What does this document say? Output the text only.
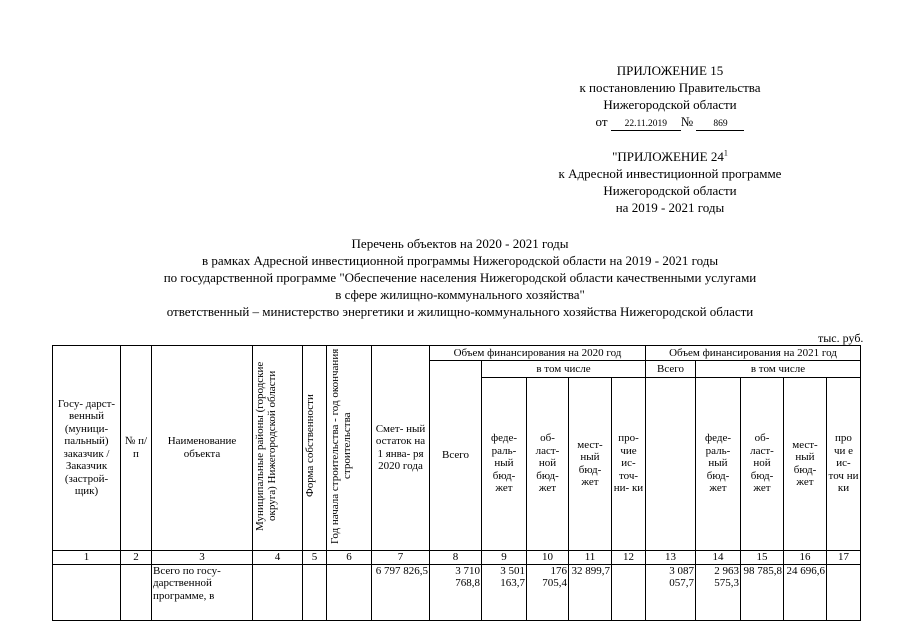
ПРИЛОЖЕНИЕ 15
к постановлению Правительства
Нижегородской области
от 22.11.2019 № 869
"ПРИЛОЖЕНИЕ $24^1$
к Адресной инвестиционной программе
Нижегородской области
на 2019 - 2021 годы
Перечень объектов на 2020 - 2021 годы
в рамках Адресной инвестиционной программы Нижегородской области на 2019 - 2021 годы
по государственной программе "Обеспечение населения Нижегородской области качественными услугами
в сфере жилищно-коммунального хозяйства"
ответственный – министерство энергетики и жилищно-коммунального хозяйства Нижегородской области
тыс. руб.
Госу- дарст- венный (муници- пальный) заказчик / Заказчик (застрой- щик)	№ п/п	Наименование объекта	Муниципальные районы (городские округа) Нижегородской области	Форма собственности	Год начала строительства - год окончания строительства	Смет- ный остаток на 1 янва- ря 2020 года	Объем финансирования на 2020 год					Объем финансирования на 2021 год				
							Всего	в том числе				Всего	в том числе			
								феде- раль- ный бюд- жет	об- ласт- ной бюд- жет	мест- ный бюд- жет	про- чие ис- точ- ни- ки		феде- раль- ный бюд- жет	об- ласт- ной бюд- жет	мест- ный бюд- жет	про чи е ис- точ ни ки
1	2	3	4	5	6	7	8	9	10	11	12	13	14	15	16	17
		Всего по госу- дарственной программе, в				6 797 826,5	3 710 768,8	3 501 163,7	176 705,4	32 899,7		3 087 057,7	2 963 575,3	98 785,8	24 696,6	
